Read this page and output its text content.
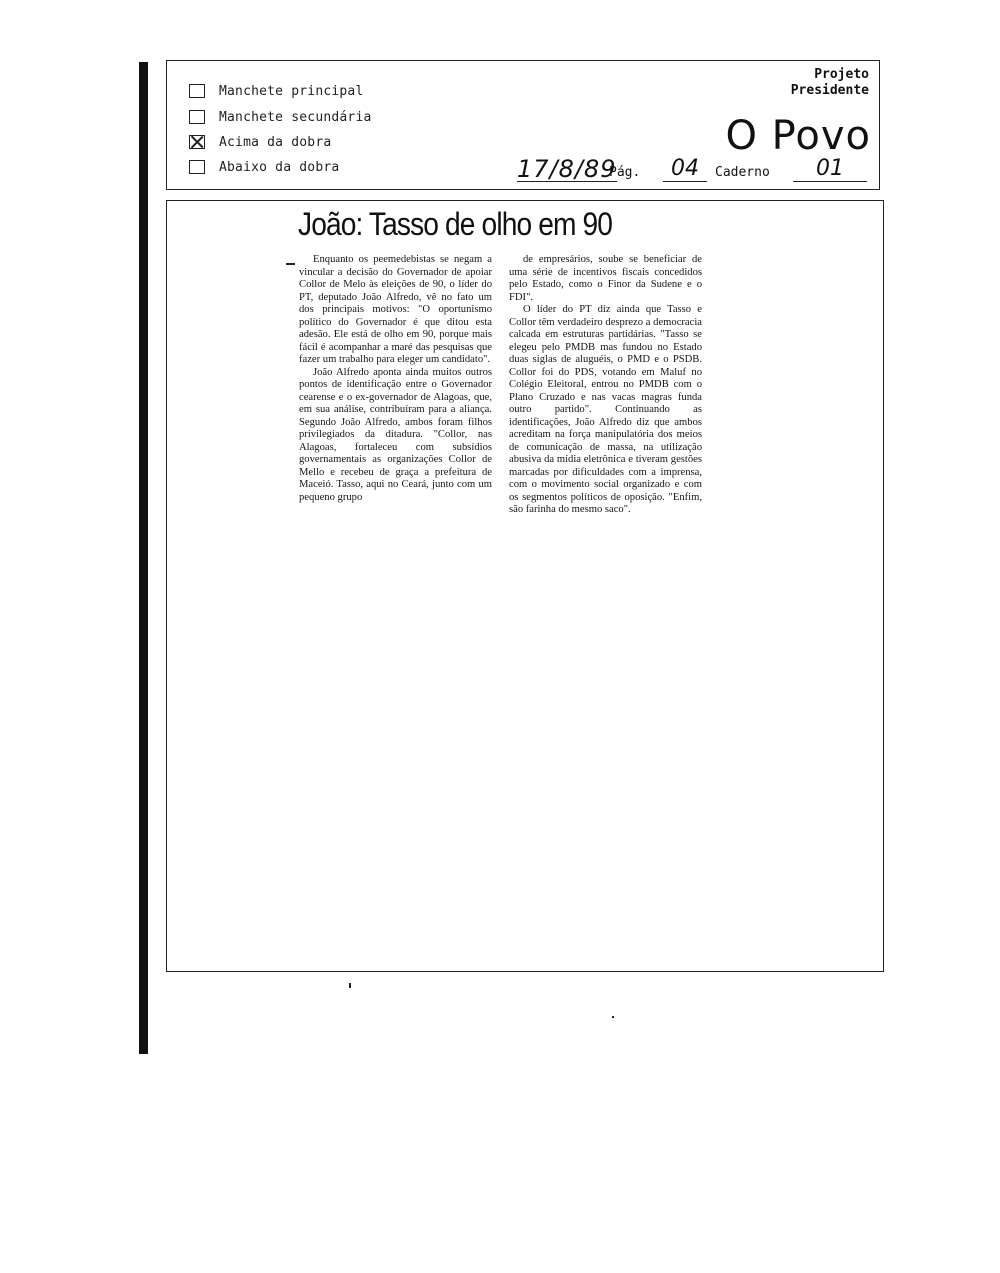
Manchete principal
Manchete secundária
Acima da dobra
Abaixo da dobra
Projeto
Presidente
O Povo
17/8/89
Pág.	04	Caderno	01
João: Tasso de olho em 90

Enquanto os peemedebistas se negam a vincular a decisão do Governador de apoiar Collor de Melo às eleições de 90, o líder do PT, deputado João Alfredo, vê no fato um dos principais motivos: "O oportunismo político do Governador é que ditou esta adesão. Ele está de olho em 90, porque mais fácil é acompanhar a maré das pesquisas que fazer um trabalho para eleger um candidato".

João Alfredo aponta ainda muitos outros pontos de identificação entre o Governador cearense e o ex-governador de Alagoas, que, em sua análise, contribuíram para a aliança. Segundo João Alfredo, ambos foram filhos privilegiados da ditadura. "Collor, nas Alagoas, fortaleceu com subsídios governamentais as organizações Collor de Mello e recebeu de graça a prefeitura de Maceió. Tasso, aqui no Ceará, junto com um pequeno grupo

de empresários, soube se beneficiar de uma série de incentivos fiscais concedidos pelo Estado, como o Finor da Sudene e o FDI".

O líder do PT diz ainda que Tasso e Collor têm verdadeiro desprezo a democracia calcada em estruturas partidárias. "Tasso se elegeu pelo PMDB mas fundou no Estado duas siglas de aluguéis, o PMD e o PSDB. Collor foi do PDS, votando em Maluf no Colégio Eleitoral, entrou no PMDB com o Plano Cruzado e nas vacas magras funda outro partido". Continuando as identificações, João Alfredo diz que ambos acreditam na força manipulatória dos meios de comunicação de massa, na utilização abusiva da mídia eletrônica e tiveram gestões marcadas por dificuldades com a imprensa, com o movimento social organizado e com os segmentos políticos de oposição. "Enfim, são farinha do mesmo saco".
